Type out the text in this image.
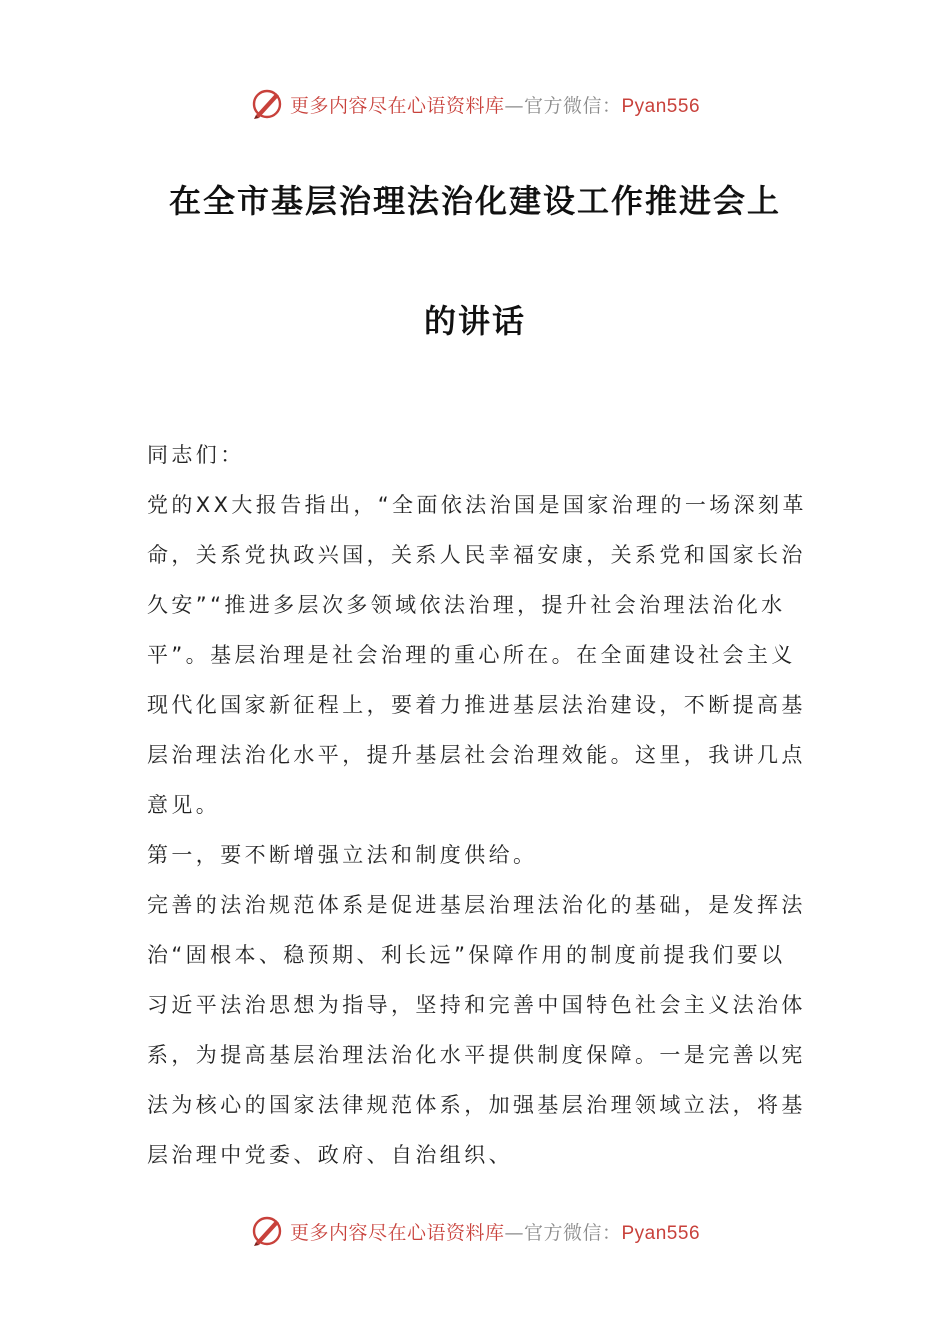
更多内容尽在心语资料库—官方微信：Pyan556
在全市基层治理法治化建设工作推进会上
的讲话

同志们：

党的XX大报告指出，“全面依法治国是国家治理的一场深刻革命，关系党执政兴国，关系人民幸福安康，关系党和国家长治久安”“推进多层次多领域依法治理，提升社会治理法治化水平”。基层治理是社会治理的重心所在。在全面建设社会主义现代化国家新征程上，要着力推进基层法治建设，不断提高基层治理法治化水平，提升基层社会治理效能。这里，我讲几点意见。

第一，要不断增强立法和制度供给。

完善的法治规范体系是促进基层治理法治化的基础，是发挥法治“固根本、稳预期、利长远”保障作用的制度前提我们要以习近平法治思想为指导，坚持和完善中国特色社会主义法治体系，为提高基层治理法治化水平提供制度保障。一是完善以宪法为核心的国家法律规范体系，加强基层治理领域立法，将基层治理中党委、政府、自治组织、

更多内容尽在心语资料库—官方微信：Pyan556
